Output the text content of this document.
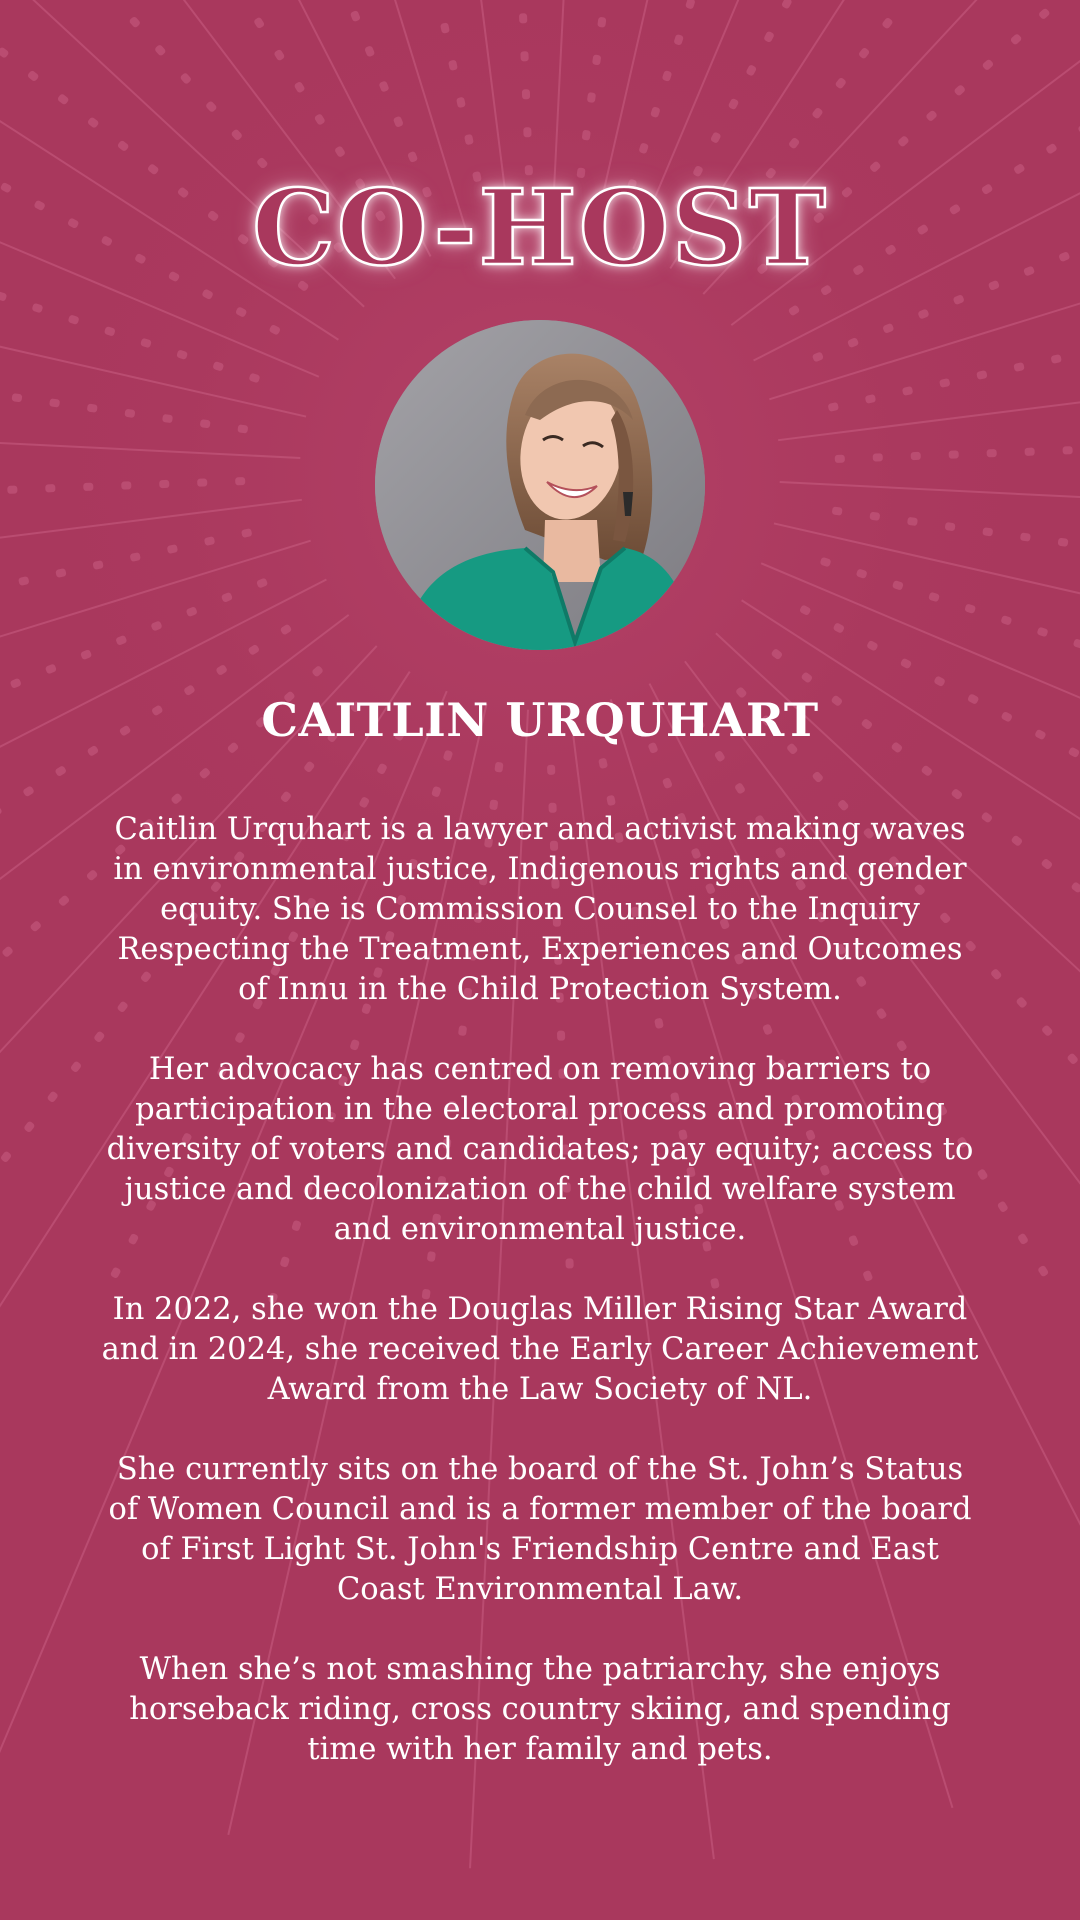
CO-HOST
CAITLIN URQUHART

Caitlin Urquhart is a lawyer and activist making waves in environmental justice, Indigenous rights and gender equity. She is Commission Counsel to the Inquiry Respecting the Treatment, Experiences and Outcomes of Innu in the Child Protection System.

Her advocacy has centred on removing barriers to participation in the electoral process and promoting diversity of voters and candidates; pay equity; access to justice and decolonization of the child welfare system and environmental justice.

In 2022, she won the Douglas Miller Rising Star Award and in 2024, she received the Early Career Achievement Award from the Law Society of NL.

She currently sits on the board of the St. John’s Status of Women Council and is a former member of the board of First Light St. John's Friendship Centre and East Coast Environmental Law.

When she’s not smashing the patriarchy, she enjoys horseback riding, cross country skiing, and spending time with her family and pets.
